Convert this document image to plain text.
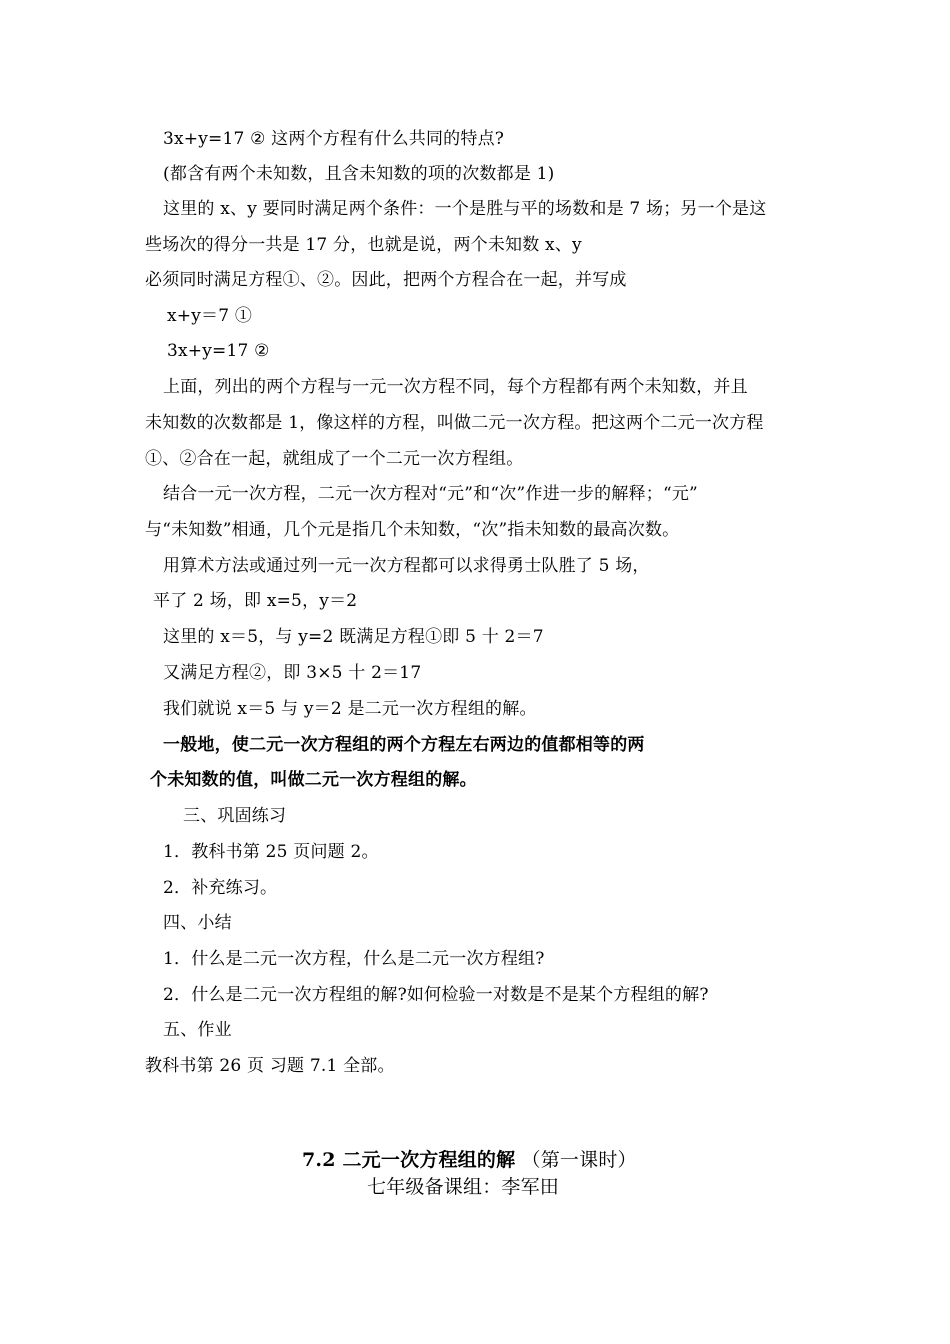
3x+y=17 ② 这两个方程有什么共同的特点?
(都含有两个未知数，且含未知数的项的次数都是 1)
这里的 x、y 要同时满足两个条件：一个是胜与平的场数和是 7 场；另一个是这
些场次的得分一共是 17 分，也就是说，两个未知数 x、y
必须同时满足方程①、②。因此，把两个方程合在一起，并写成
x+y＝7 ①
3x+y=17 ②
上面，列出的两个方程与一元一次方程不同，每个方程都有两个未知数，并且
未知数的次数都是 1，像这样的方程，叫做二元一次方程。把这两个二元一次方程
①、②合在一起，就组成了一个二元一次方程组。
结合一元一次方程，二元一次方程对“元”和“次”作进一步的解释；“元”
与“未知数”相通，几个元是指几个未知数，“次”指未知数的最高次数。
用算术方法或通过列一元一次方程都可以求得勇士队胜了 5 场，
平了 2 场，即 x=5，y＝2
这里的 x＝5，与 y=2 既满足方程①即 5 十 2＝7
又满足方程②，即 3×5 十 2＝17
我们就说 x＝5 与 y＝2 是二元一次方程组的解。
一般地，使二元一次方程组的两个方程左右两边的值都相等的两
个未知数的值，叫做二元一次方程组的解。
三、巩固练习
1．教科书第 25 页问题 2。
2．补充练习。
四、小结
1．什么是二元一次方程，什么是二元一次方程组?
2．什么是二元一次方程组的解?如何检验一对数是不是某个方程组的解?
五、作业
教科书第 26 页 习题 7.1 全部。
7.2 二元一次方程组的解 （第一课时）
七年级备课组：李军田
